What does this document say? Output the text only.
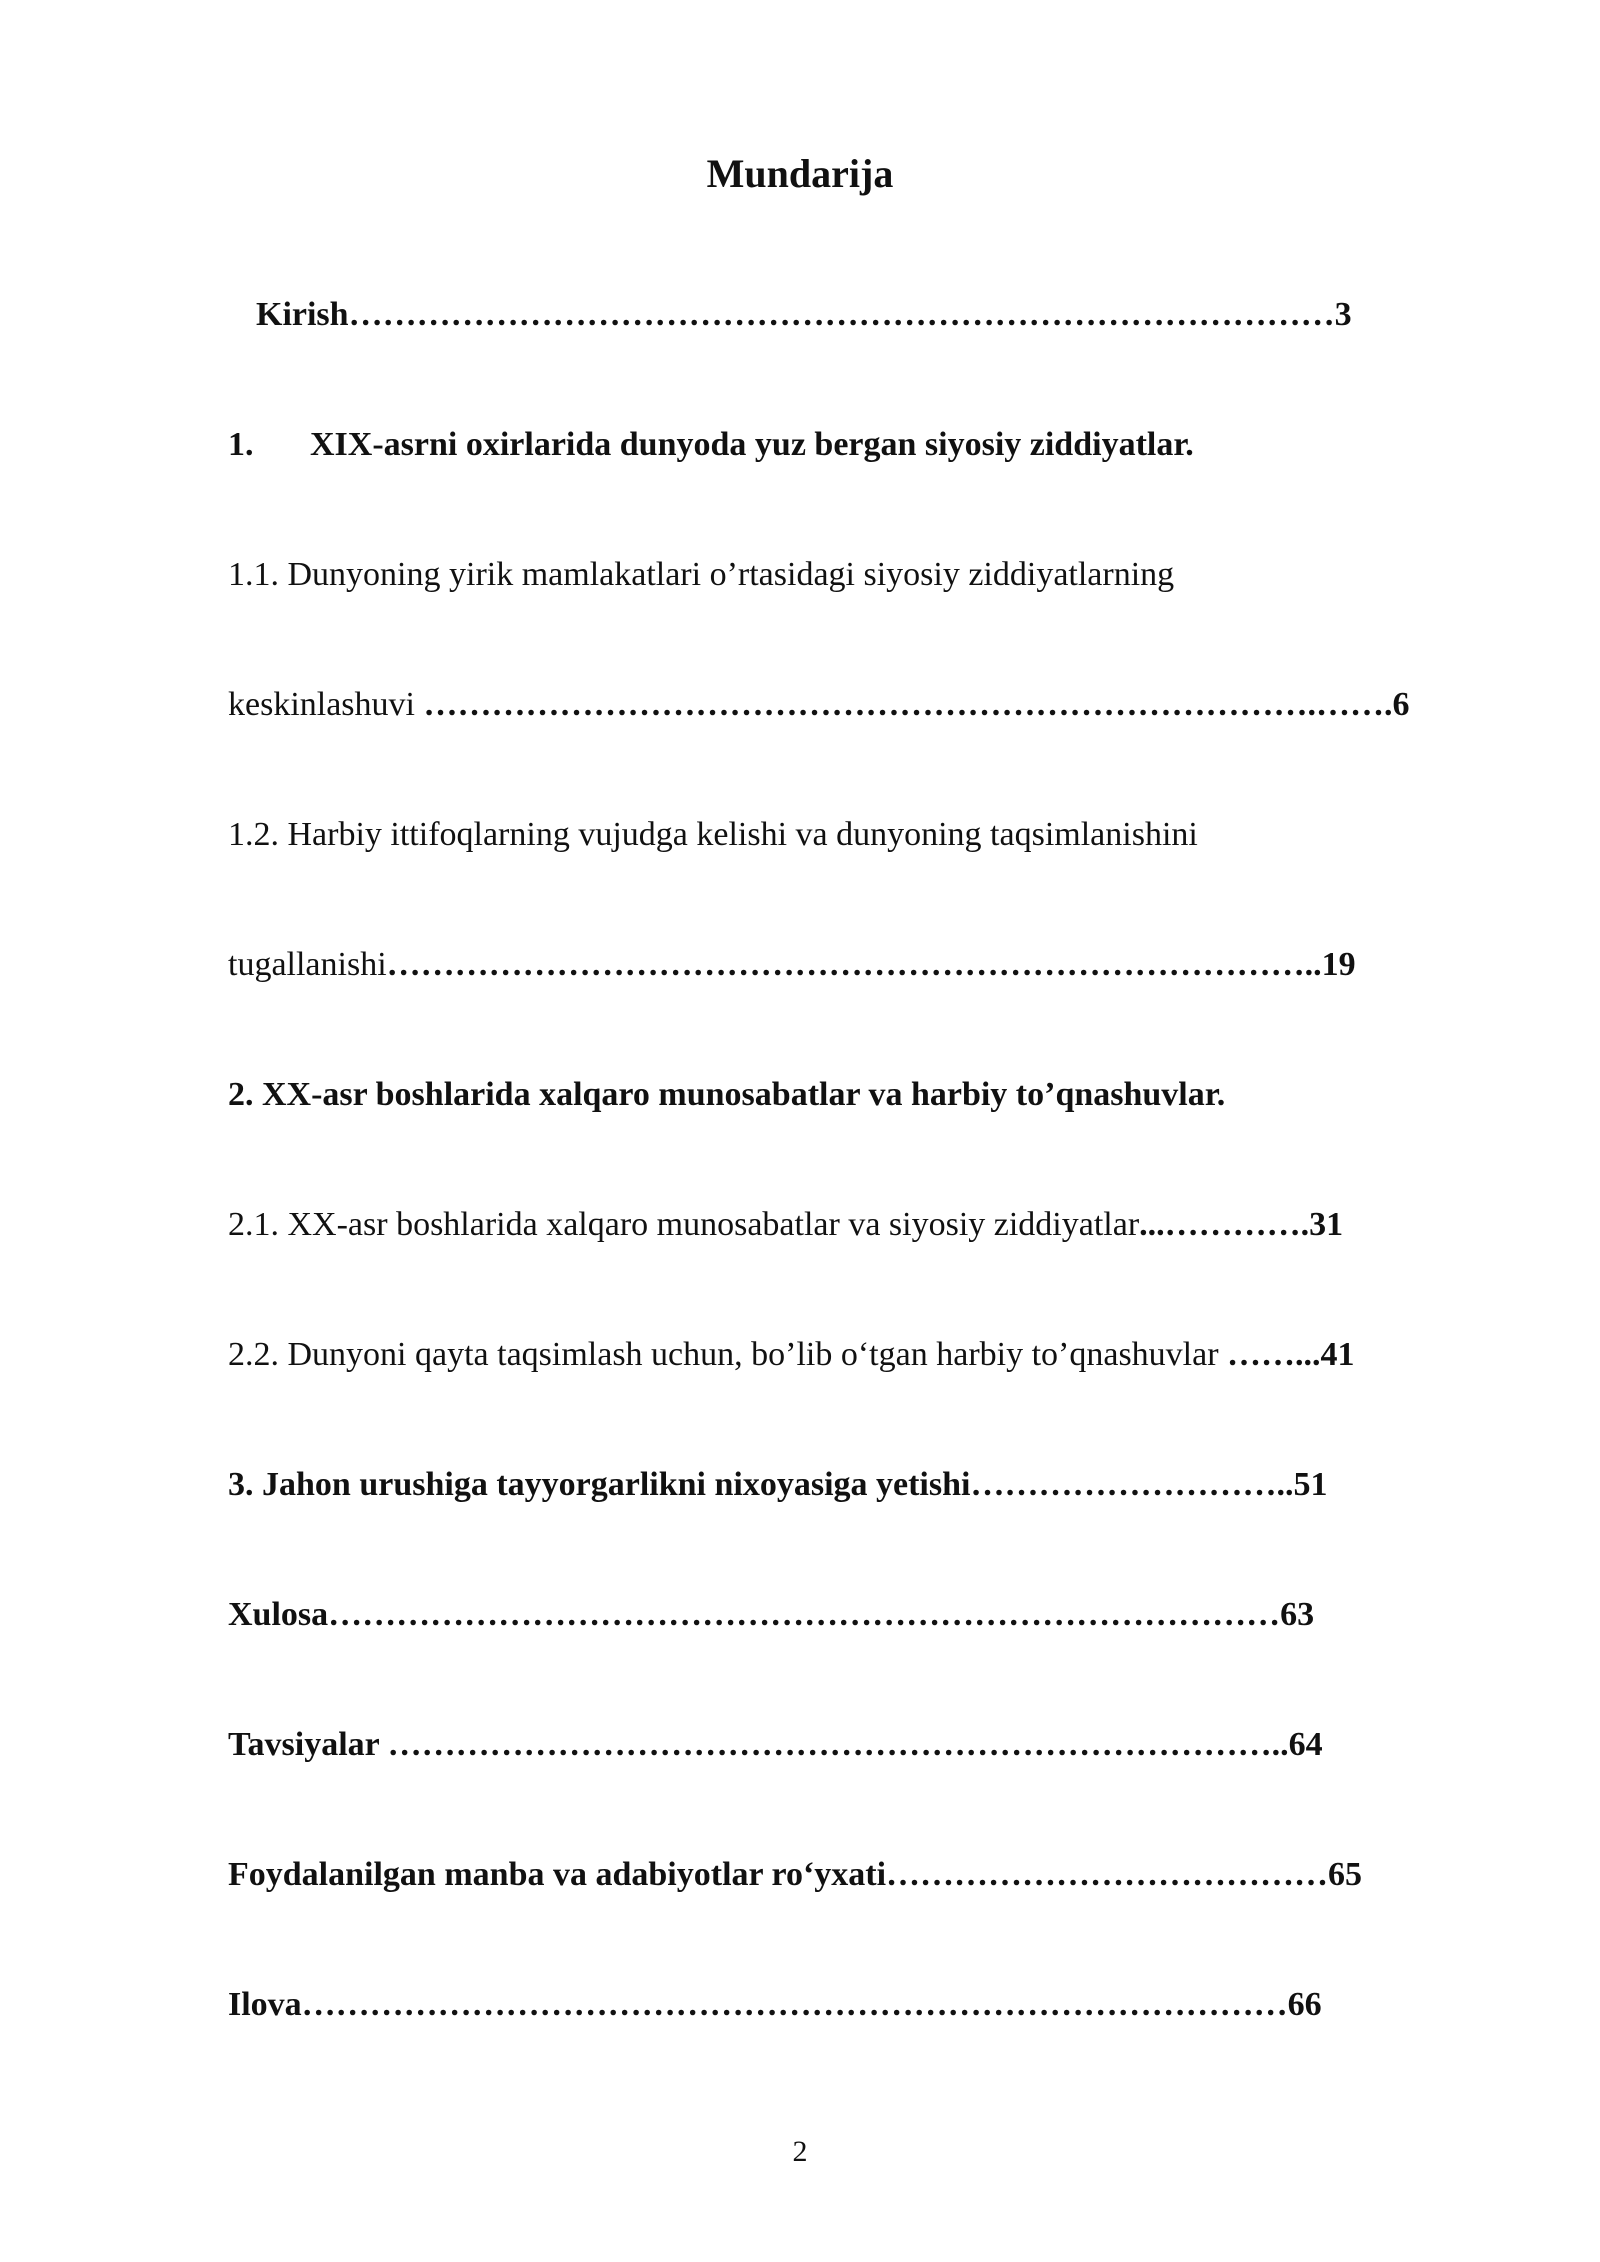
Mundarija
Kirish……………………………………………………………………………3
1. XIX-asrni oxirlarida dunyoda yuz bergan siyosiy ziddiyatlar.
1.1. Dunyoning yirik mamlakatlari o’rtasidagi siyosiy ziddiyatlarning
keskinlashuvi …………………………………………………………………….…….6
1.2. Harbiy ittifoqlarning vujudga kelishi va dunyoning taqsimlanishini
tugallanishi………………………………………………………………………..19
2. XX-asr boshlarida xalqaro munosabatlar va harbiy to’qnashuvlar.
2.1. XX-asr boshlarida xalqaro munosabatlar va siyosiy ziddiyatlar...………….31
2.2. Dunyoni qayta taqsimlash uchun, bo’lib o‘tgan harbiy to’qnashuvlar ……...41
3. Jahon urushiga tayyorgarlikni nixoyasiga yetishi………………………..51
Xulosa…………………………………………………………………………63
Tavsiyalar ……………………………………………………………………..64
Foydalanilgan manba va adabiyotlar ro‘yxati…………………………………65
Ilova……………………………………………………………………………66
2
